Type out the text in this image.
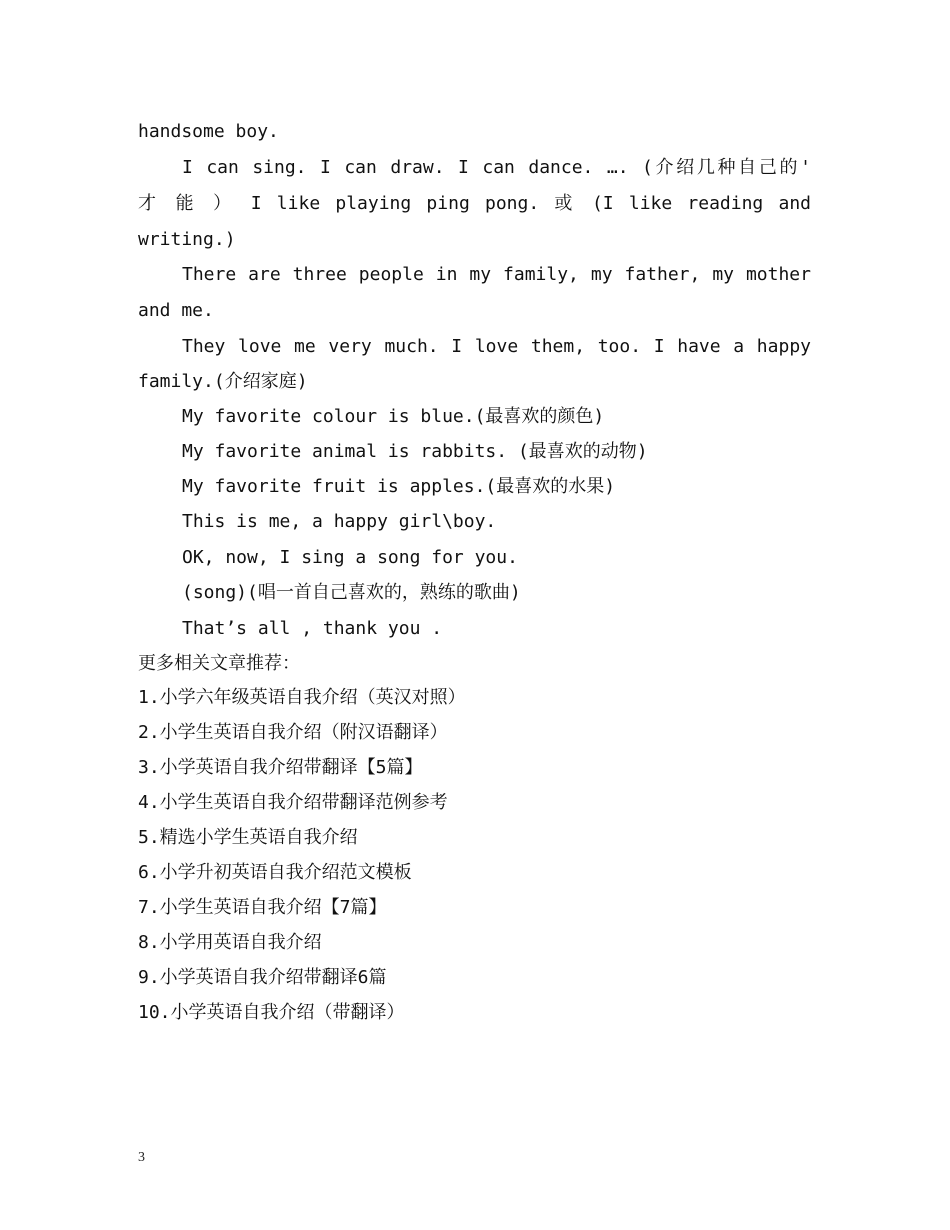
handsome boy.
I can sing. I can draw. I can dance. …. (介绍几种自己的'
才 能 ） I like playing ping pong. 或 (I like reading and
writing.)
There are three people in my family, my father, my mother
and me.
They love me very much. I love them, too. I have a happy
family.(介绍家庭)
My favorite colour is blue.(最喜欢的颜色)
My favorite animal is rabbits. (最喜欢的动物)
My favorite fruit is apples.(最喜欢的水果)
This is me, a happy girl\boy.
OK, now, I sing a song for you.
(song)(唱一首自己喜欢的，熟练的歌曲)
That’s all , thank you .
更多相关文章推荐：
1.小学六年级英语自我介绍（英汉对照）
2.小学生英语自我介绍（附汉语翻译）
3.小学英语自我介绍带翻译【5篇】
4.小学生英语自我介绍带翻译范例参考
5.精选小学生英语自我介绍
6.小学升初英语自我介绍范文模板
7.小学生英语自我介绍【7篇】
8.小学用英语自我介绍
9.小学英语自我介绍带翻译6篇
10.小学英语自我介绍（带翻译）
3
